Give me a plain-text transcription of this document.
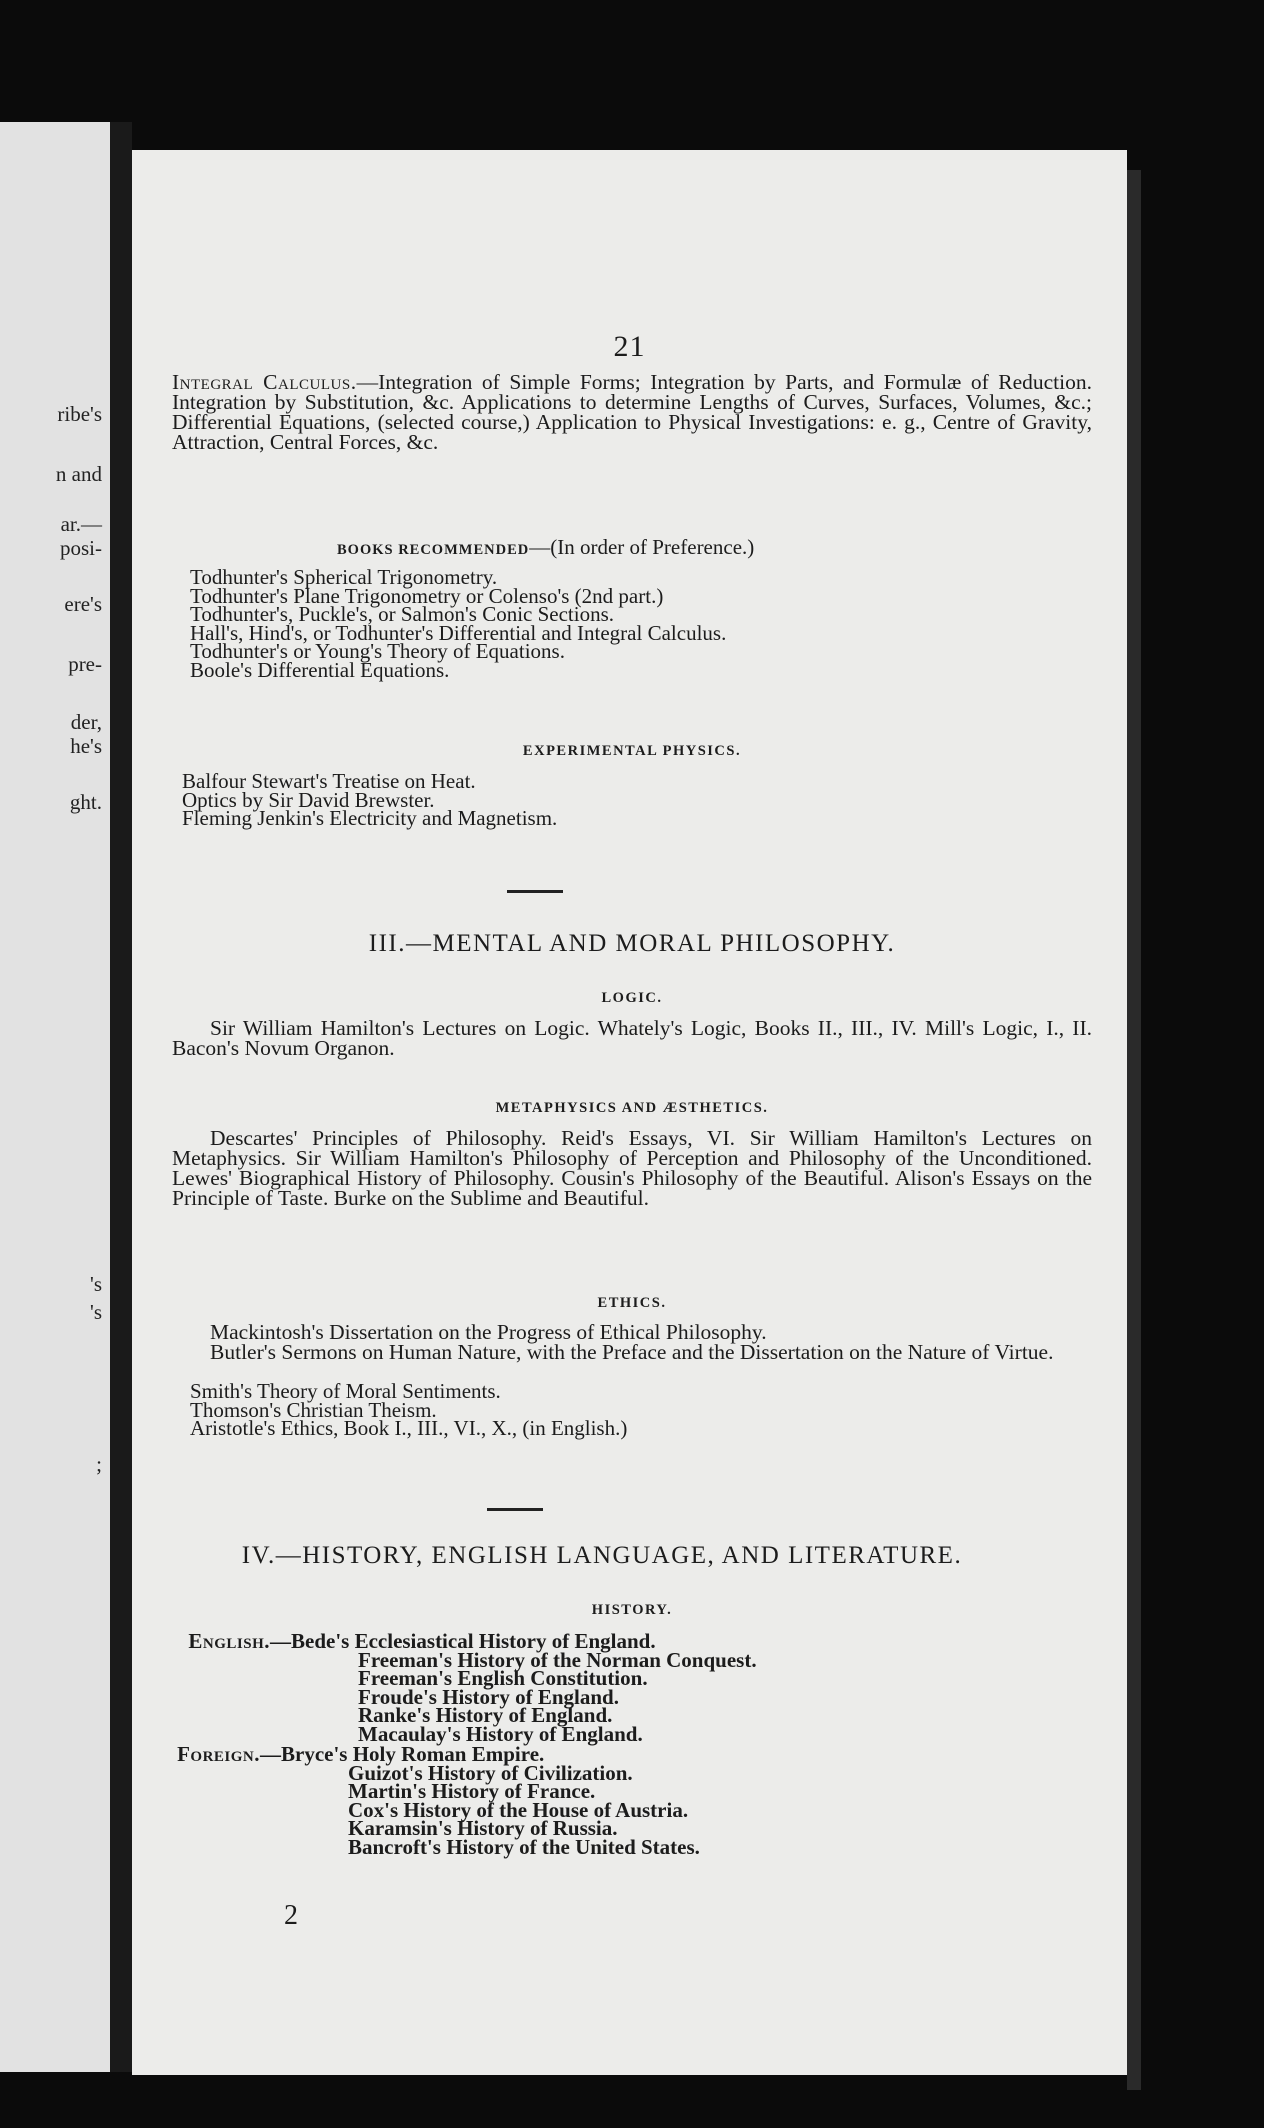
ribe's
n and
ar.—
posi-
ere's
pre-
der,
he's
ght.
's
's
;
21
Integral Calculus.—Integration of Simple Forms; Integration by Parts, and Formulæ of Reduction. Integration by Substitution, &c. Applications to determine Lengths of Curves, Surfaces, Volumes, &c.; Differential Equations, (selected course,) Application to Physical Investigations: e. g., Centre of Gravity, Attraction, Central Forces, &c.
BOOKS RECOMMENDED—(In order of Preference.)
Todhunter's Spherical Trigonometry.
Todhunter's Plane Trigonometry or Colenso's (2nd part.)
Todhunter's, Puckle's, or Salmon's Conic Sections.
Hall's, Hind's, or Todhunter's Differential and Integral Calculus.
Todhunter's or Young's Theory of Equations.
Boole's Differential Equations.
EXPERIMENTAL PHYSICS.
Balfour Stewart's Treatise on Heat.
Optics by Sir David Brewster.
Fleming Jenkin's Electricity and Magnetism.
III.—MENTAL AND MORAL PHILOSOPHY.
LOGIC.
Sir William Hamilton's Lectures on Logic. Whately's Logic, Books II., III., IV. Mill's Logic, I., II. Bacon's Novum Organon.
METAPHYSICS AND ÆSTHETICS.
Descartes' Principles of Philosophy. Reid's Essays, VI. Sir William Hamilton's Lectures on Metaphysics. Sir William Hamilton's Philosophy of Perception and Philosophy of the Unconditioned. Lewes' Biographical History of Philosophy. Cousin's Philosophy of the Beautiful. Alison's Essays on the Principle of Taste. Burke on the Sublime and Beautiful.
ETHICS.
Mackintosh's Dissertation on the Progress of Ethical Philosophy.
Butler's Sermons on Human Nature, with the Preface and the Dissertation on the Nature of Virtue.
Smith's Theory of Moral Sentiments.
Thomson's Christian Theism.
Aristotle's Ethics, Book I., III., VI., X., (in English.)
IV.—HISTORY, ENGLISH LANGUAGE, AND LITERATURE.
HISTORY.
English. —Bede's Ecclesiastical History of England.
Freeman's History of the Norman Conquest.
Freeman's English Constitution.
Froude's History of England.
Ranke's History of England.
Macaulay's History of England.
Foreign. —Bryce's Holy Roman Empire.
Guizot's History of Civilization.
Martin's History of France.
Cox's History of the House of Austria.
Karamsin's History of Russia.
Bancroft's History of the United States.
2
